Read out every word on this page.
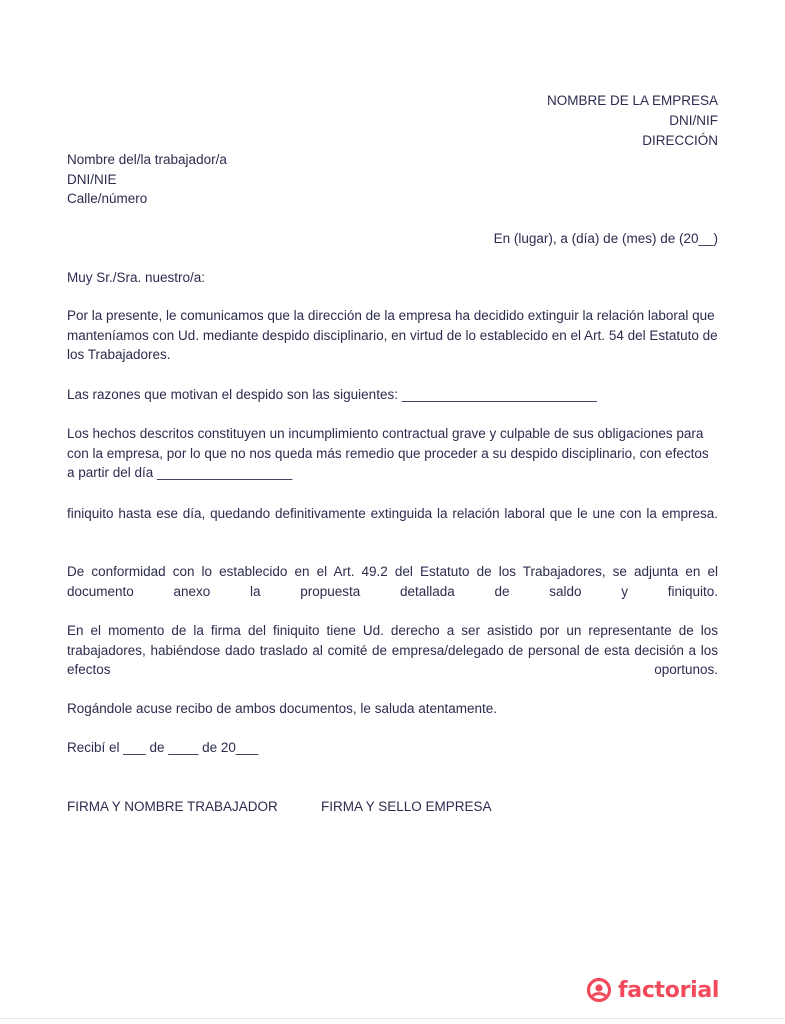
NOMBRE DE LA EMPRESA
DNI/NIF
DIRECCIÓN
Nombre del/la trabajador/a
DNI/NIE
Calle/número
En (lugar), a (día) de (mes) de (20__)
Muy Sr./Sra. nuestro/a:
Por la presente, le comunicamos que la dirección de la empresa ha decidido extinguir la relación laboral que manteníamos con Ud. mediante despido disciplinario, en virtud de lo establecido en el Art. 54 del Estatuto de los Trabajadores.
Las razones que motivan el despido son las siguientes: __________________________
Los hechos descritos constituyen un incumplimiento contractual grave y culpable de sus obligaciones para con la empresa, por lo que no nos queda más remedio que proceder a su despido disciplinario, con efectos a partir del día __________________
finiquito hasta ese día, quedando definitivamente extinguida la relación laboral que le une con la empresa.
De conformidad con lo establecido en el Art. 49.2 del Estatuto de los Trabajadores, se adjunta en el documento anexo la propuesta detallada de saldo y finiquito.
En el momento de la firma del finiquito tiene Ud. derecho a ser asistido por un representante de los trabajadores, habiéndose dado traslado al comité de empresa/delegado de personal de esta decisión a los efectos oportunos.
Rogándole acuse recibo de ambos documentos, le saluda atentamente.
Recibí el ___ de ____ de 20___
FIRMA Y NOMBRE TRABAJADOR	FIRMA Y SELLO EMPRESA
factorial
